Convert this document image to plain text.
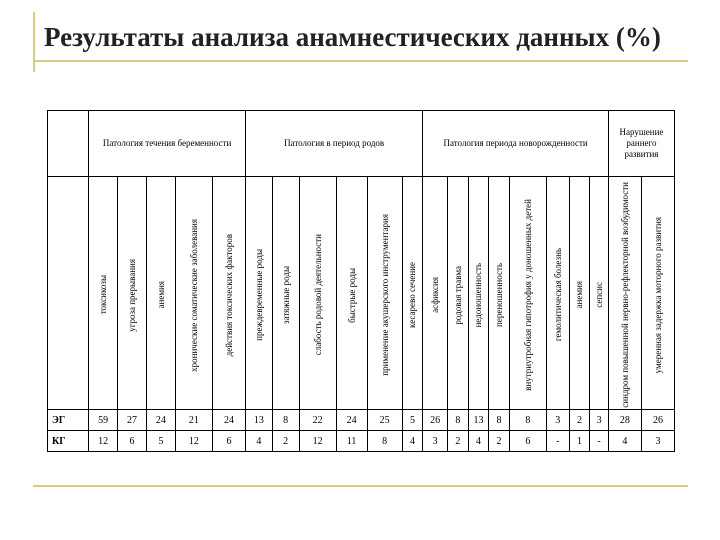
Результаты анализа анамнестических данных (%)
	Патология течения беременности					Патология в период родов						Патология периода новорожденности								Нарушение раннего развития	

	токсикозы	угроза прерывания	анемия	хронические соматические заболевания	действия токсических факторов	преждевременные роды	затяжные роды	слабость родовой деятельности	быстрые роды	применение акушерского инструментария	кесарево сечение	асфиксия	родовая травма	недоношенность	переношенность	внутриутробная гипотрофия у доношенных детей	гемолитическая болезнь	анемия	сепсис	синдром повышенной нервно-рефлекторной возбудимости	умеренная задержка моторного развития

ЭГ	59	27	24	21	24	13	8	22	24	25	5	26	8	13	8	8	3	2	3	28	26
КГ	12	6	5	12	6	4	2	12	11	8	4	3	2	4	2	6	-	1	-	4	3
